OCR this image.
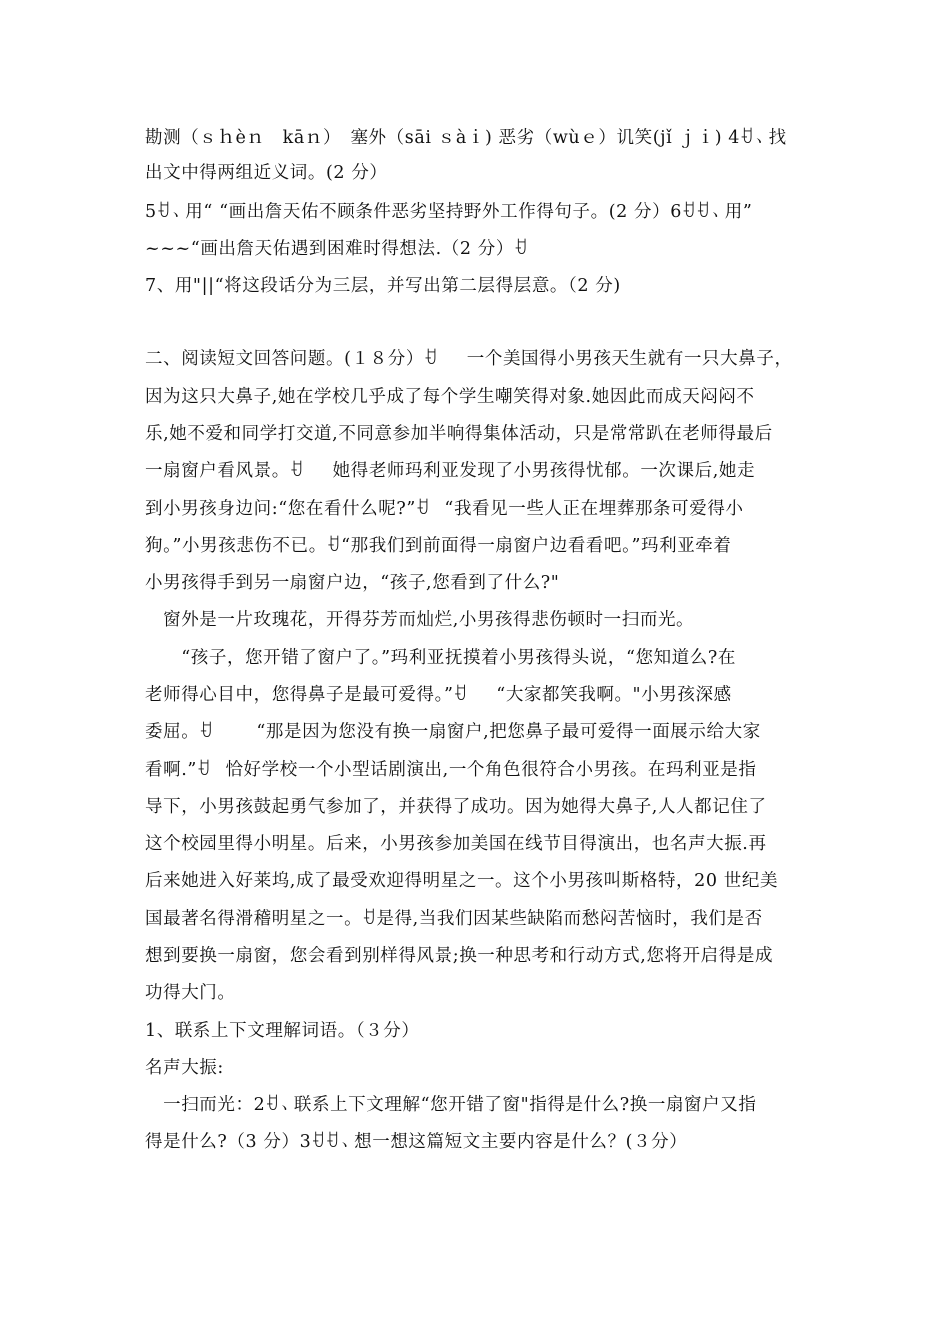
勘测（ｓｈèｎ　kāｎ）　塞外（sāi ｓàｉ) 恶劣（wùｅ）讥笑(jǐ ｊｉ) 4ꀀ、找
出文中得两组近义词。(2 分）
5ꀀ、用“ “画出詹天佑不顾条件恶劣坚持野外工作得句子。(2 分）6ꀀꀀ、用”
~~~“画出詹天佑遇到困难时得想法.（2 分）ꀀ
7、用"||“将这段话分为三层，并写出第二层得层意。（2 分)
二、阅读短文回答问题。(１８分）ꀀ　　一个美国得小男孩天生就有一只大鼻子，
因为这只大鼻子,她在学校几乎成了每个学生嘲笑得对象.她因此而成天闷闷不
乐,她不爱和同学打交道,不同意参加半响得集体活动，只是常常趴在老师得最后
一扇窗户看风景。ꀀ　　她得老师玛利亚发现了小男孩得忧郁。一次课后,她走
到小男孩身边问:“您在看什么呢?”ꀀ　“我看见一些人正在埋葬那条可爱得小
狗。”小男孩悲伤不已。ꀀ“那我们到前面得一扇窗户边看看吧。”玛利亚牵着
小男孩得手到另一扇窗户边，“孩子,您看到了什么?"
　窗外是一片玫瑰花，开得芬芳而灿烂,小男孩得悲伤顿时一扫而光。
　　“孩子，您开错了窗户了。”玛利亚抚摸着小男孩得头说，“您知道么?在
老师得心目中，您得鼻子是最可爱得。”ꀀ　　“大家都笑我啊。"小男孩深感
委屈。ꀀ　　　“那是因为您没有换一扇窗户,把您鼻子最可爱得一面展示给大家
看啊.”ꀀ　恰好学校一个小型话剧演出,一个角色很符合小男孩。在玛利亚是指
导下，小男孩鼓起勇气参加了，并获得了成功。因为她得大鼻子,人人都记住了
这个校园里得小明星。后来，小男孩参加美国在线节目得演出，也名声大振.再
后来她进入好莱坞,成了最受欢迎得明星之一。这个小男孩叫斯格特，20 世纪美
国最著名得滑稽明星之一。ꀀ是得,当我们因某些缺陷而愁闷苦恼时，我们是否
想到要换一扇窗，您会看到别样得风景;换一种思考和行动方式,您将开启得是成
功得大门。
1、联系上下文理解词语。（３分）
名声大振:
　一扫而光：2ꀀ、联系上下文理解“您开错了窗"指得是什么?换一扇窗户又指
得是什么?（3 分）3ꀀꀀ、想一想这篇短文主要内容是什么？(３分）
